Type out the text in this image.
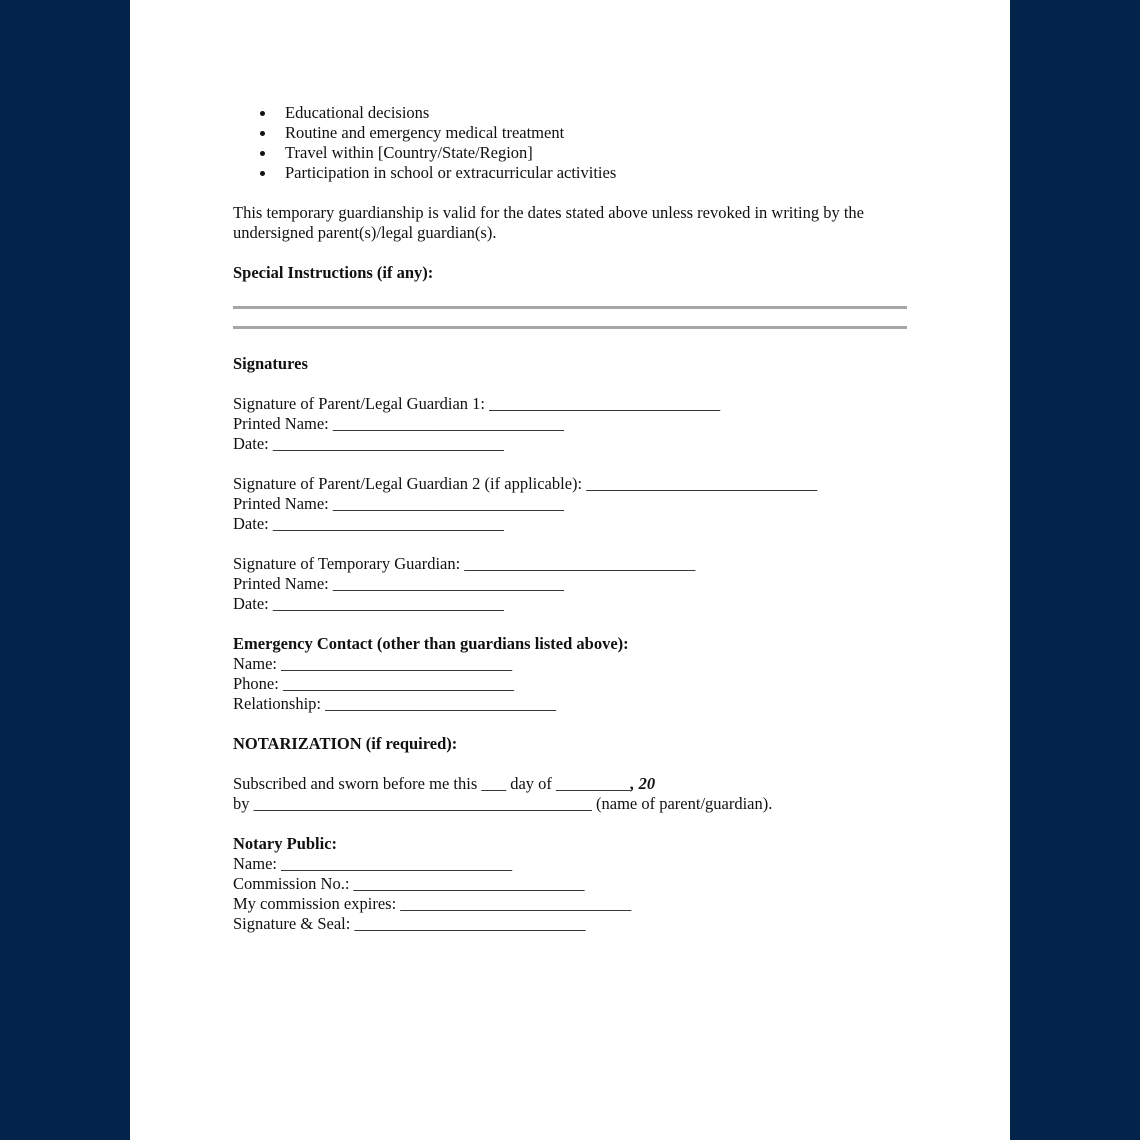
Educational decisions
Routine and emergency medical treatment
Travel within [Country/State/Region]
Participation in school or extracurricular activities

This temporary guardianship is valid for the dates stated above unless revoked in writing by the undersigned parent(s)/legal guardian(s).

Special Instructions (if any):
Signatures
Signature of Parent/Legal Guardian 1: ____________________________
Printed Name: ____________________________
Date: ____________________________
Signature of Parent/Legal Guardian 2 (if applicable): ____________________________
Printed Name: ____________________________
Date: ____________________________
Signature of Temporary Guardian: ____________________________
Printed Name: ____________________________
Date: ____________________________
Emergency Contact (other than guardians listed above):
Name: ____________________________
Phone: ____________________________
Relationship: ____________________________
NOTARIZATION (if required):
Subscribed and sworn before me this ___ day of _________, 20
by _________________________________________ (name of parent/guardian).
Notary Public:
Name: ____________________________
Commission No.: ____________________________
My commission expires: ____________________________
Signature & Seal: ____________________________
